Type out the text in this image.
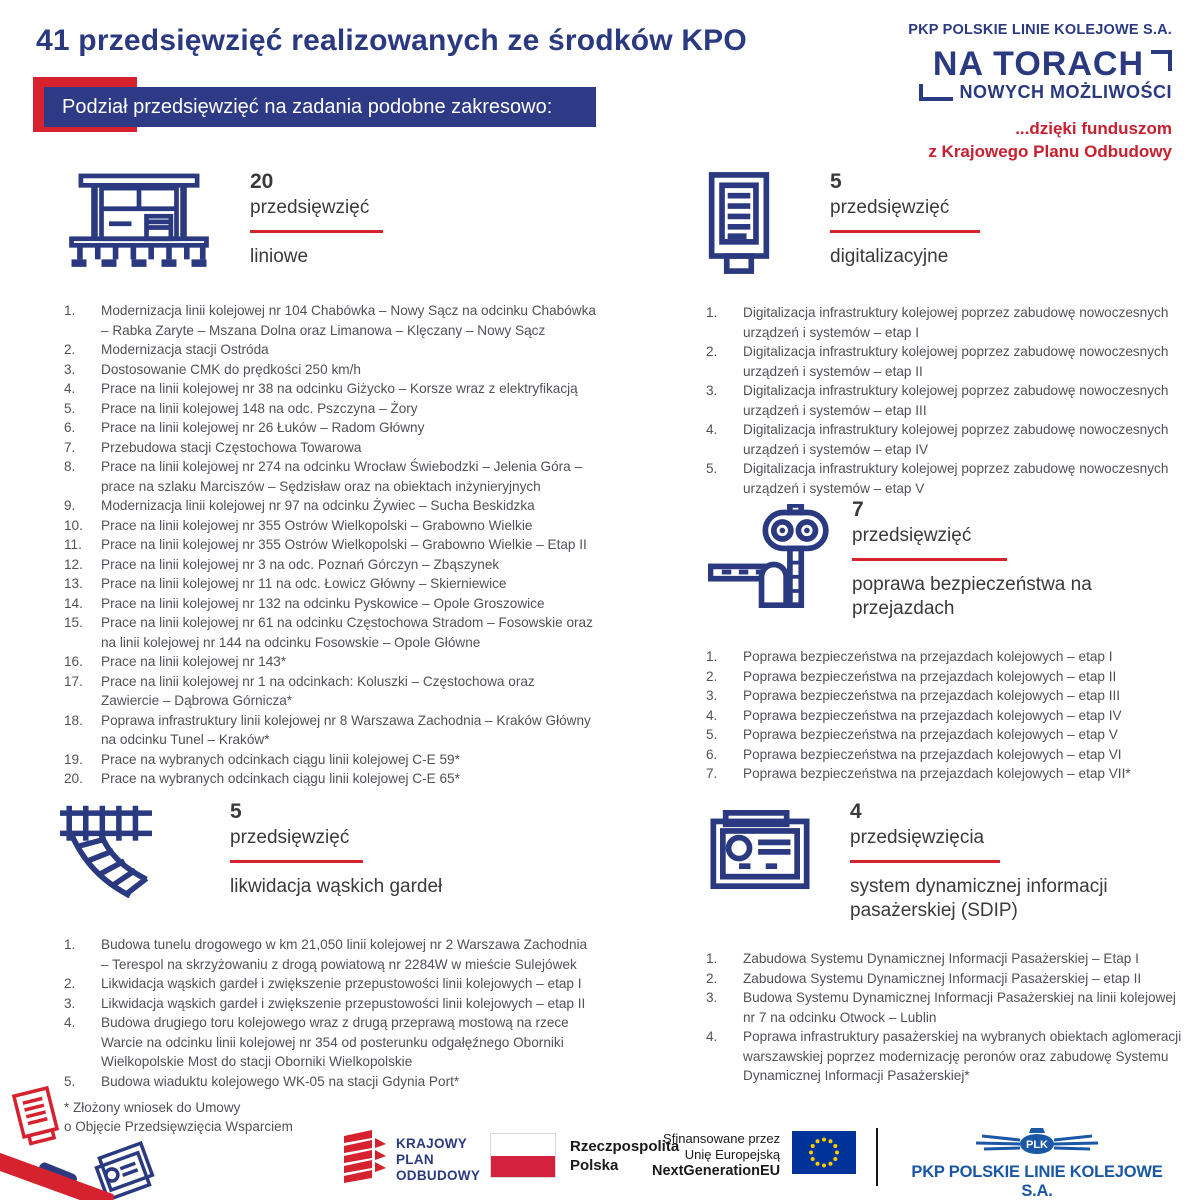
41 przedsięwzięć realizowanych ze środków KPO
Podział przedsięwzięć na zadania podobne zakresowo:
PKP POLSKIE LINIE KOLEJOWE S.A.
NA TORACH
NOWYCH MOŻLIWOŚCI
...dzięki funduszom
z Krajowego Planu Odbudowy
20
przedsięwzięć
liniowe
1.	Modernizacja linii kolejowej nr 104 Chabówka – Nowy Sącz na odcinku Chabówka – Rabka Zaryte – Mszana Dolna oraz Limanowa – Klęczany – Nowy Sącz
2.	Modernizacja stacji Ostróda
3.	Dostosowanie CMK do prędkości 250 km/h
4.	Prace na linii kolejowej nr 38 na odcinku Giżycko – Korsze wraz z elektryfikacją
5.	Prace na linii kolejowej 148 na odc. Pszczyna – Żory
6.	Prace na linii kolejowej nr 26 Łuków – Radom Główny
7.	Przebudowa stacji Częstochowa Towarowa
8.	Prace na linii kolejowej nr 274 na odcinku Wrocław Świebodzki – Jelenia Góra – prace na szlaku Marciszów – Sędzisław oraz na obiektach inżynieryjnych
9.	Modernizacja linii kolejowej nr 97 na odcinku Żywiec – Sucha Beskidzka
10.	Prace na linii kolejowej nr 355 Ostrów Wielkopolski – Grabowno Wielkie
11.	Prace na linii kolejowej nr 355 Ostrów Wielkopolski – Grabowno Wielkie – Etap II
12.	Prace na linii kolejowej nr 3 na odc. Poznań Górczyn – Zbąszynek
13.	Prace na linii kolejowej nr 11 na odc. Łowicz Główny – Skierniewice
14.	Prace na linii kolejowej nr 132 na odcinku Pyskowice – Opole Groszowice
15.	Prace na linii kolejowej nr 61 na odcinku Częstochowa Stradom – Fosowskie oraz na linii kolejowej nr 144 na odcinku Fosowskie – Opole Główne
16.	Prace na linii kolejowej nr 143*
17.	Prace na linii kolejowej nr 1 na odcinkach: Koluszki – Częstochowa oraz Zawiercie – Dąbrowa Górnicza*
18.	Poprawa infrastruktury linii kolejowej nr 8 Warszawa Zachodnia – Kraków Główny na odcinku Tunel – Kraków*
19.	Prace na wybranych odcinkach ciągu linii kolejowej C-E 59*
20.	Prace na wybranych odcinkach ciągu linii kolejowej C-E 65*
5
przedsięwzięć
digitalizacyjne
1.	Digitalizacja infrastruktury kolejowej poprzez zabudowę nowoczesnych urządzeń i systemów – etap I
2.	Digitalizacja infrastruktury kolejowej poprzez zabudowę nowoczesnych urządzeń i systemów – etap II
3.	Digitalizacja infrastruktury kolejowej poprzez zabudowę nowoczesnych urządzeń i systemów – etap III
4.	Digitalizacja infrastruktury kolejowej poprzez zabudowę nowoczesnych urządzeń i systemów – etap IV
5.	Digitalizacja infrastruktury kolejowej poprzez zabudowę nowoczesnych urządzeń i systemów – etap V
7
przedsięwzięć
poprawa bezpieczeństwa na przejazdach
1.	Poprawa bezpieczeństwa na przejazdach kolejowych – etap I
2.	Poprawa bezpieczeństwa na przejazdach kolejowych – etap II
3.	Poprawa bezpieczeństwa na przejazdach kolejowych – etap III
4.	Poprawa bezpieczeństwa na przejazdach kolejowych – etap IV
5.	Poprawa bezpieczeństwa na przejazdach kolejowych – etap V
6.	Poprawa bezpieczeństwa na przejazdach kolejowych – etap VI
7.	Poprawa bezpieczeństwa na przejazdach kolejowych – etap VII*
5
przedsięwzięć
likwidacja wąskich gardeł
1.	Budowa tunelu drogowego w km 21,050 linii kolejowej nr 2 Warszawa Zachodnia – Terespol na skrzyżowaniu z drogą powiatową nr 2284W w mieście Sulejówek
2.	Likwidacja wąskich gardeł i zwiększenie przepustowości linii kolejowych – etap I
3.	Likwidacja wąskich gardeł i zwiększenie przepustowości linii kolejowych – etap II
4.	Budowa drugiego toru kolejowego wraz z drugą przeprawą mostową na rzece Warcie na odcinku linii kolejowej nr 354 od posterunku odgałęźnego Oborniki Wielkopolskie Most do stacji Oborniki Wielkopolskie
5.	Budowa wiaduktu kolejowego WK-05 na stacji Gdynia Port*
4
przedsięwzięcia
system dynamicznej informacji pasażerskiej (SDIP)
1.	Zabudowa Systemu Dynamicznej Informacji Pasażerskiej – Etap I
2.	Zabudowa Systemu Dynamicznej Informacji Pasażerskiej – etap II
3.	Budowa Systemu Dynamicznej Informacji Pasażerskiej na linii kolejowej nr 7 na odcinku Otwock – Lublin
4.	Poprawa infrastruktury pasażerskiej na wybranych obiektach aglomeracji warszawskiej poprzez modernizację peronów oraz zabudowę Systemu Dynamicznej Informacji Pasażerskiej*
* Złożony wniosek do Umowy
o Objęcie Przedsięwzięcia Wsparciem
KRAJOWY
PLAN
ODBUDOWY
Rzeczpospolita
Polska
Sfinansowane przez
Unię Europejską
NextGenerationEU
PLK
PKP POLSKIE LINIE KOLEJOWE S.A.
